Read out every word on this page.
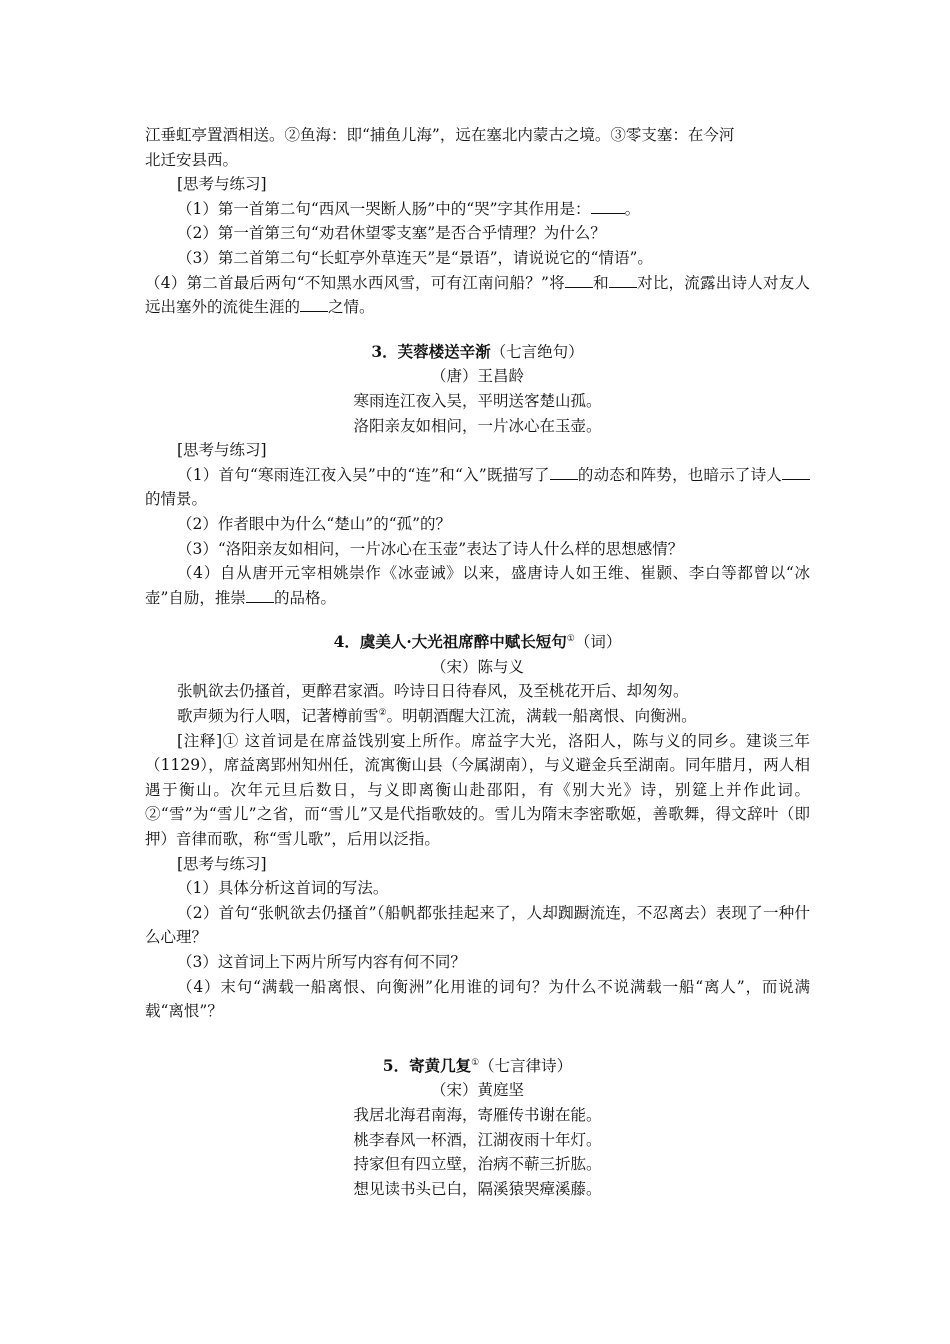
江垂虹亭置酒相送。②鱼海：即“捕鱼儿海”，远在塞北内蒙古之境。③零支塞：在今河

北迁安县西。

[思考与练习]

（1）第一首第二句“西风一哭断人肠”中的“哭”字其作用是： 。

（2）第一首第三句“劝君休望零支塞”是否合乎情理？为什么？

（3）第二首第二句“长虹亭外草连天”是“景语”，请说说它的“情语”。

（4）第二首最后两句“不知黑水西风雪，可有江南问船？”将 和 对比，流露出诗人对友人远出塞外的流徙生涯的 之情。

3．芙蓉楼送辛渐（七言绝句）

（唐）王昌龄

寒雨连江夜入吴，平明送客楚山孤。

洛阳亲友如相问，一片冰心在玉壶。

[思考与练习]

（1）首句“寒雨连江夜入吴”中的“连”和“入”既描写了 的动态和阵势，也暗示了诗人的情景。

（2）作者眼中为什么“楚山”的“孤”的？

（3）“洛阳亲友如相问，一片冰心在玉壶”表达了诗人什么样的思想感情？

（4）自从唐开元宰相姚崇作《冰壶诫》以来，盛唐诗人如王维、崔颢、李白等都曾以“冰壶”自励，推崇 的品格。

4．虞美人·大光祖席醉中赋长短句①（词）

（宋）陈与义

张帆欲去仍搔首，更醉君家酒。吟诗日日待春风，及至桃花开后、却匆匆。

歌声频为行人咽，记著樽前雪②。明朝酒醒大江流，满载一船离恨、向衡洲。

[注释]① 这首词是在席益饯别宴上所作。席益字大光，洛阳人，陈与义的同乡。建谈三年（1129），席益离郢州知州任，流寓衡山县（今属湖南），与义避金兵至湖南。同年腊月，两人相遇于衡山。次年元旦后数日，与义即离衡山赴邵阳，有《别大光》诗，别筵上并作此词。②“雪”为“雪儿”之省，而“雪儿”又是代指歌妓的。雪儿为隋末李密歌姬，善歌舞，得文辞叶（即押）音律而歌，称“雪儿歌”，后用以泛指。

[思考与练习]

（1）具体分析这首词的写法。

（2）首句“张帆欲去仍搔首”（船帆都张挂起来了，人却踟蹰流连，不忍离去）表现了一种什么心理？

（3）这首词上下两片所写内容有何不同？

（4）末句“满载一船离恨、向衡洲”化用谁的词句？为什么不说满载一船“离人”，而说满载“离恨”？

5．寄黄几复①（七言律诗）

（宋）黄庭坚

我居北海君南海，寄雁传书谢在能。

桃李春风一杯酒，江湖夜雨十年灯。

持家但有四立壁，治病不蕲三折肱。

想见读书头已白，隔溪猿哭瘴溪藤。
